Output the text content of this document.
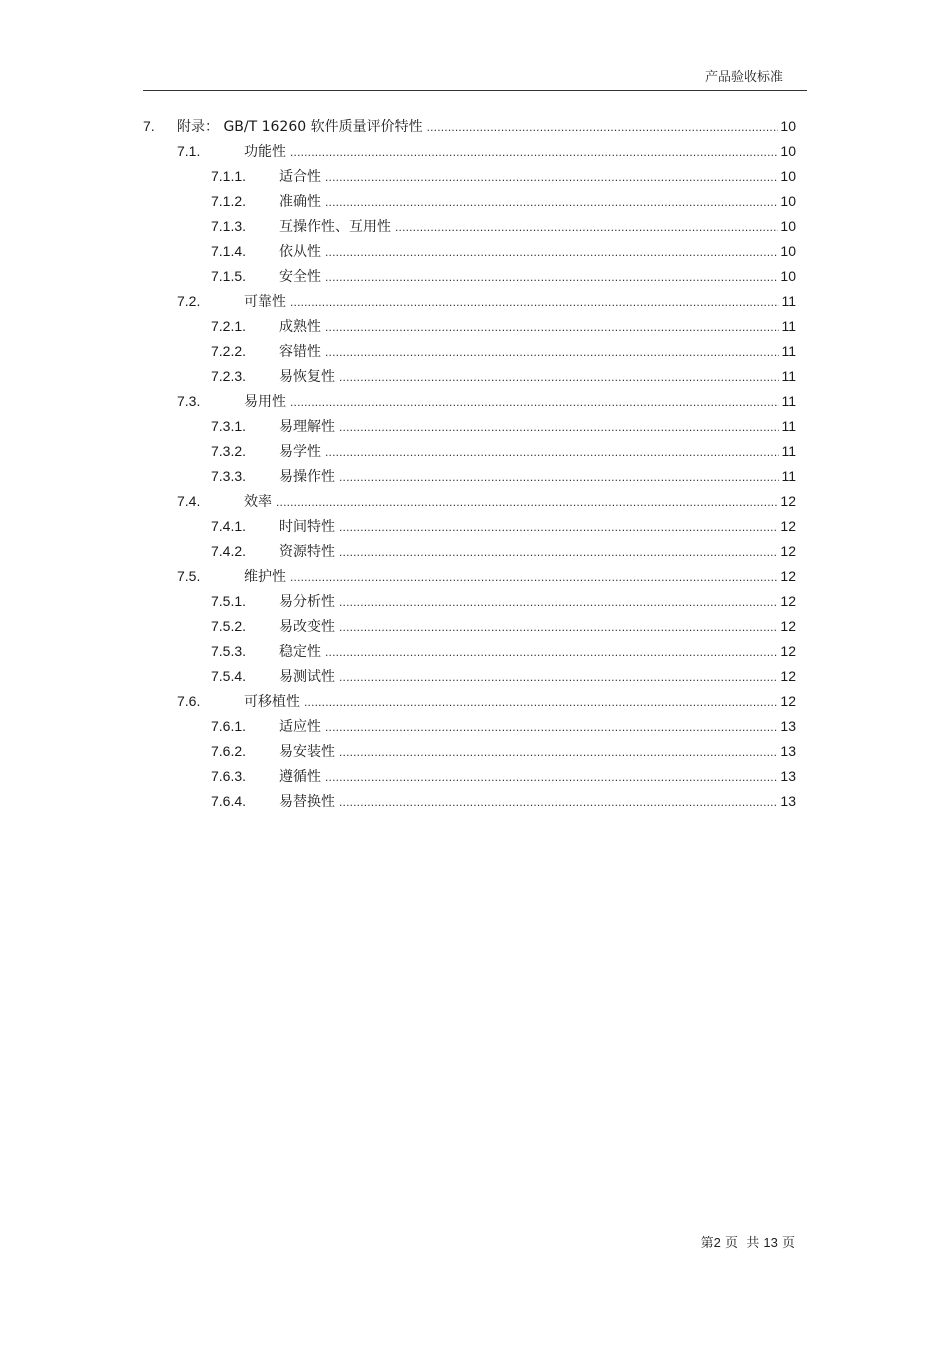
产品验收标准
7.	附录： GB/T 16260 软件质量评价特性 .....	10
7.1.	功能性 .....	10
7.1.1.	适合性 .....	10
7.1.2.	准确性 .....	10
7.1.3.	互操作性、互用性 .....	10
7.1.4.	依从性 .....	10
7.1.5.	安全性 .....	10
7.2.	可靠性 .....	11
7.2.1.	成熟性 .....	11
7.2.2.	容错性 .....	11
7.2.3.	易恢复性 .....	11
7.3.	易用性 .....	11
7.3.1.	易理解性 .....	11
7.3.2.	易学性 .....	11
7.3.3.	易操作性 .....	11
7.4.	效率 .....	12
7.4.1.	时间特性 .....	12
7.4.2.	资源特性 .....	12
7.5.	维护性 .....	12
7.5.1.	易分析性 .....	12
7.5.2.	易改变性 .....	12
7.5.3.	稳定性 .....	12
7.5.4.	易测试性 .....	12
7.6.	可移植性 .....	12
7.6.1.	适应性 .....	13
7.6.2.	易安装性 .....	13
7.6.3.	遵循性 .....	13
7.6.4.	易替换性 .....	13
第2 页  共 13 页
